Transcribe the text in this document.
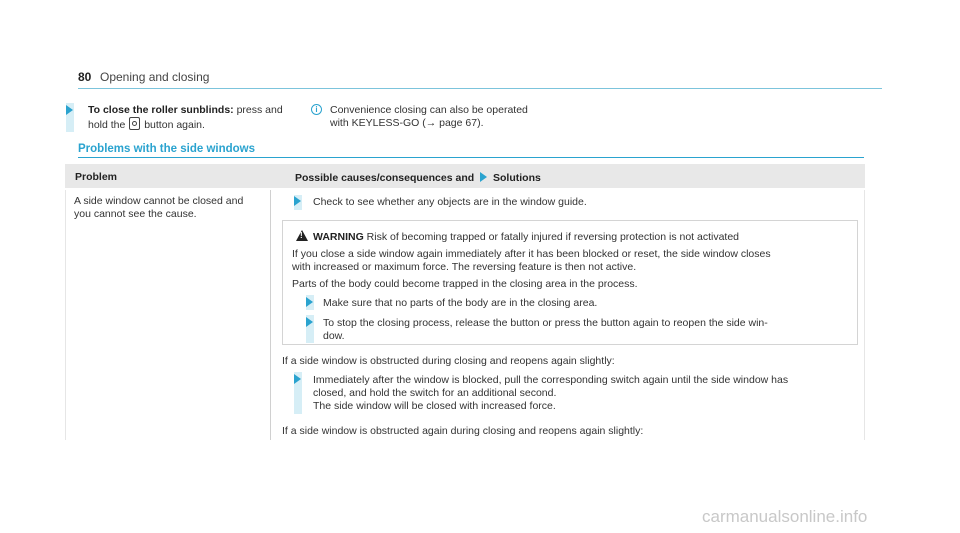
80 Opening and closing
To close the roller sunblinds: press and
hold the  button again.
i	Convenience closing can also be operated
with KEYLESS-GO (→ page 67).
Problems with the side windows
Problem	Possible causes/consequences and Solutions
A side window cannot be closed and
you cannot see the cause.
Check to see whether any objects are in the window guide.
!
WARNING Risk of becoming trapped or fatally injured if reversing protection is not activated
If you close a side window again immediately after it has been blocked or reset, the side window closes
with increased or maximum force. The reversing feature is then not active.
Parts of the body could become trapped in the closing area in the process.
Make sure that no parts of the body are in the closing area.
To stop the closing process, release the button or press the button again to reopen the side win-
dow.
If a side window is obstructed during closing and reopens again slightly:
Immediately after the window is blocked, pull the corresponding switch again until the side window has
closed, and hold the switch for an additional second.
The side window will be closed with increased force.
If a side window is obstructed again during closing and reopens again slightly:
carmanualsonline.info
